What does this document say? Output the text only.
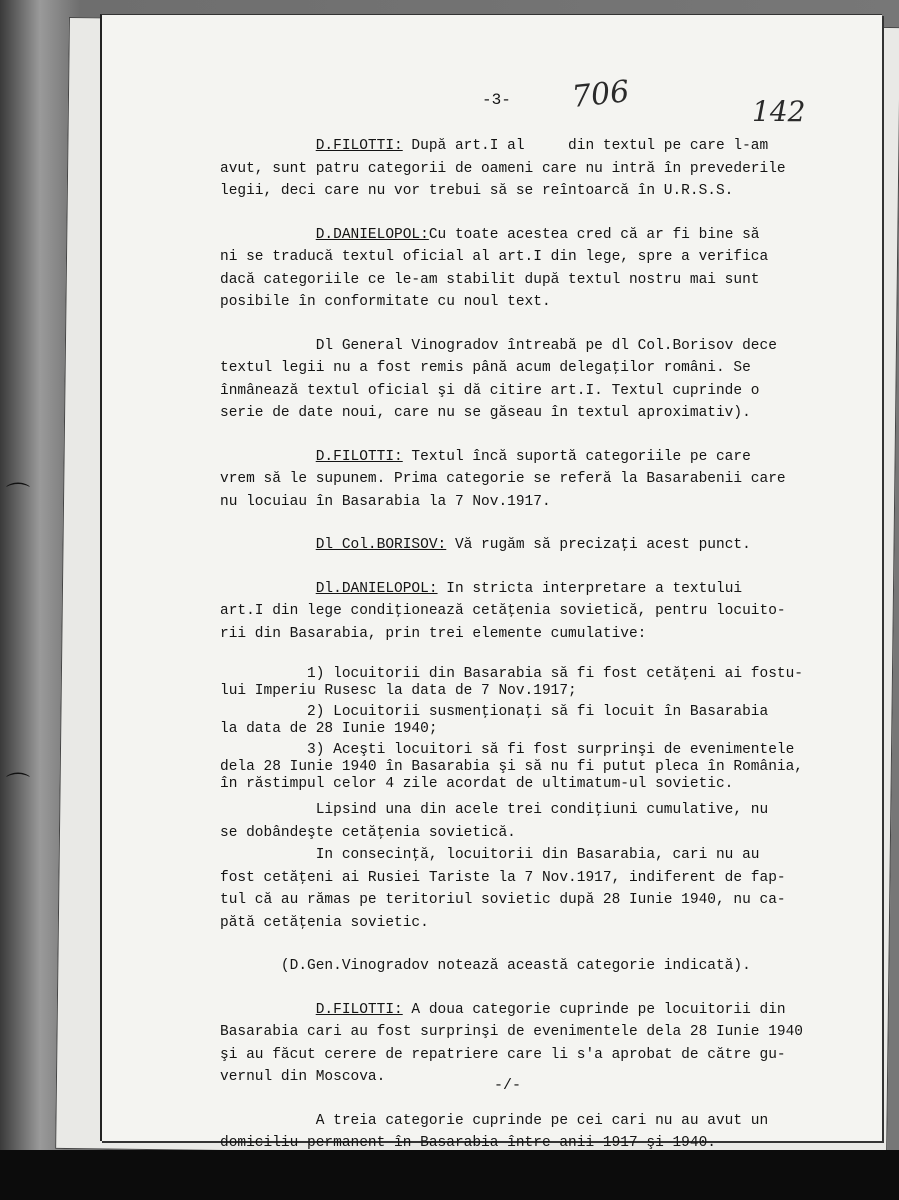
⌒
⌒
-3- 706	142
D.FILOTTI: După art.I al     din textul pe care l-am
avut, sunt patru categorii de oameni care nu intră în prevederile
legii, deci care nu vor trebui să se reîntoarcă în U.R.S.S.
D.DANIELOPOL:Cu toate acestea cred că ar fi bine să
ni se traducă textul oficial al art.I din lege, spre a verifica
dacă categoriile ce le-am stabilit după textul nostru mai sunt
posibile în conformitate cu noul text.
Dl General Vinogradov întreabă pe dl Col.Borisov dece
textul legii nu a fost remis până acum delegaţilor români. Se
înmânează textul oficial şi dă citire art.I. Textul cuprinde o
serie de date noui, care nu se găseau în textul aproximativ).
D.FILOTTI: Textul încă suportă categoriile pe care
vrem să le supunem. Prima categorie se referă la Basarabenii care
nu locuiau în Basarabia la 7 Nov.1917.
Dl Col.BORISOV: Vă rugăm să precizaţi acest punct.
Dl.DANIELOPOL: In stricta interpretare a textului
art.I din lege condiţionează cetăţenia sovietică, pentru locuito-
rii din Basarabia, prin trei elemente cumulative:
1) locuitorii din Basarabia să fi fost cetăţeni ai fostu-
lui Imperiu Rusesc la data de 7 Nov.1917;
2) Locuitorii susmenţionaţi să fi locuit în Basarabia
la data de 28 Iunie 1940;
3) Aceşti locuitori să fi fost surprinşi de evenimentele
dela 28 Iunie 1940 în Basarabia şi să nu fi putut pleca în România,
în răstimpul celor 4 zile acordat de ultimatum-ul sovietic.
Lipsind una din acele trei condiţiuni cumulative, nu
se dobândeşte cetăţenia sovietică.
In consecinţă, locuitorii din Basarabia, cari nu au
fost cetăţeni ai Rusiei Tariste la 7 Nov.1917, indiferent de fap-
tul că au rămas pe teritoriul sovietic după 28 Iunie 1940, nu ca-
pătă cetăţenia sovietic.
(D.Gen.Vinogradov notează această categorie indicată).
D.FILOTTI: A doua categorie cuprinde pe locuitorii din
Basarabia cari au fost surprinşi de evenimentele dela 28 Iunie 1940
şi au făcut cerere de repatriere care li s'a aprobat de către gu-
vernul din Moscova.
A treia categorie cuprinde pe cei cari nu au avut un
domiciliu permanent în Basarabia între anii 1917 şi 1940.
-/-
